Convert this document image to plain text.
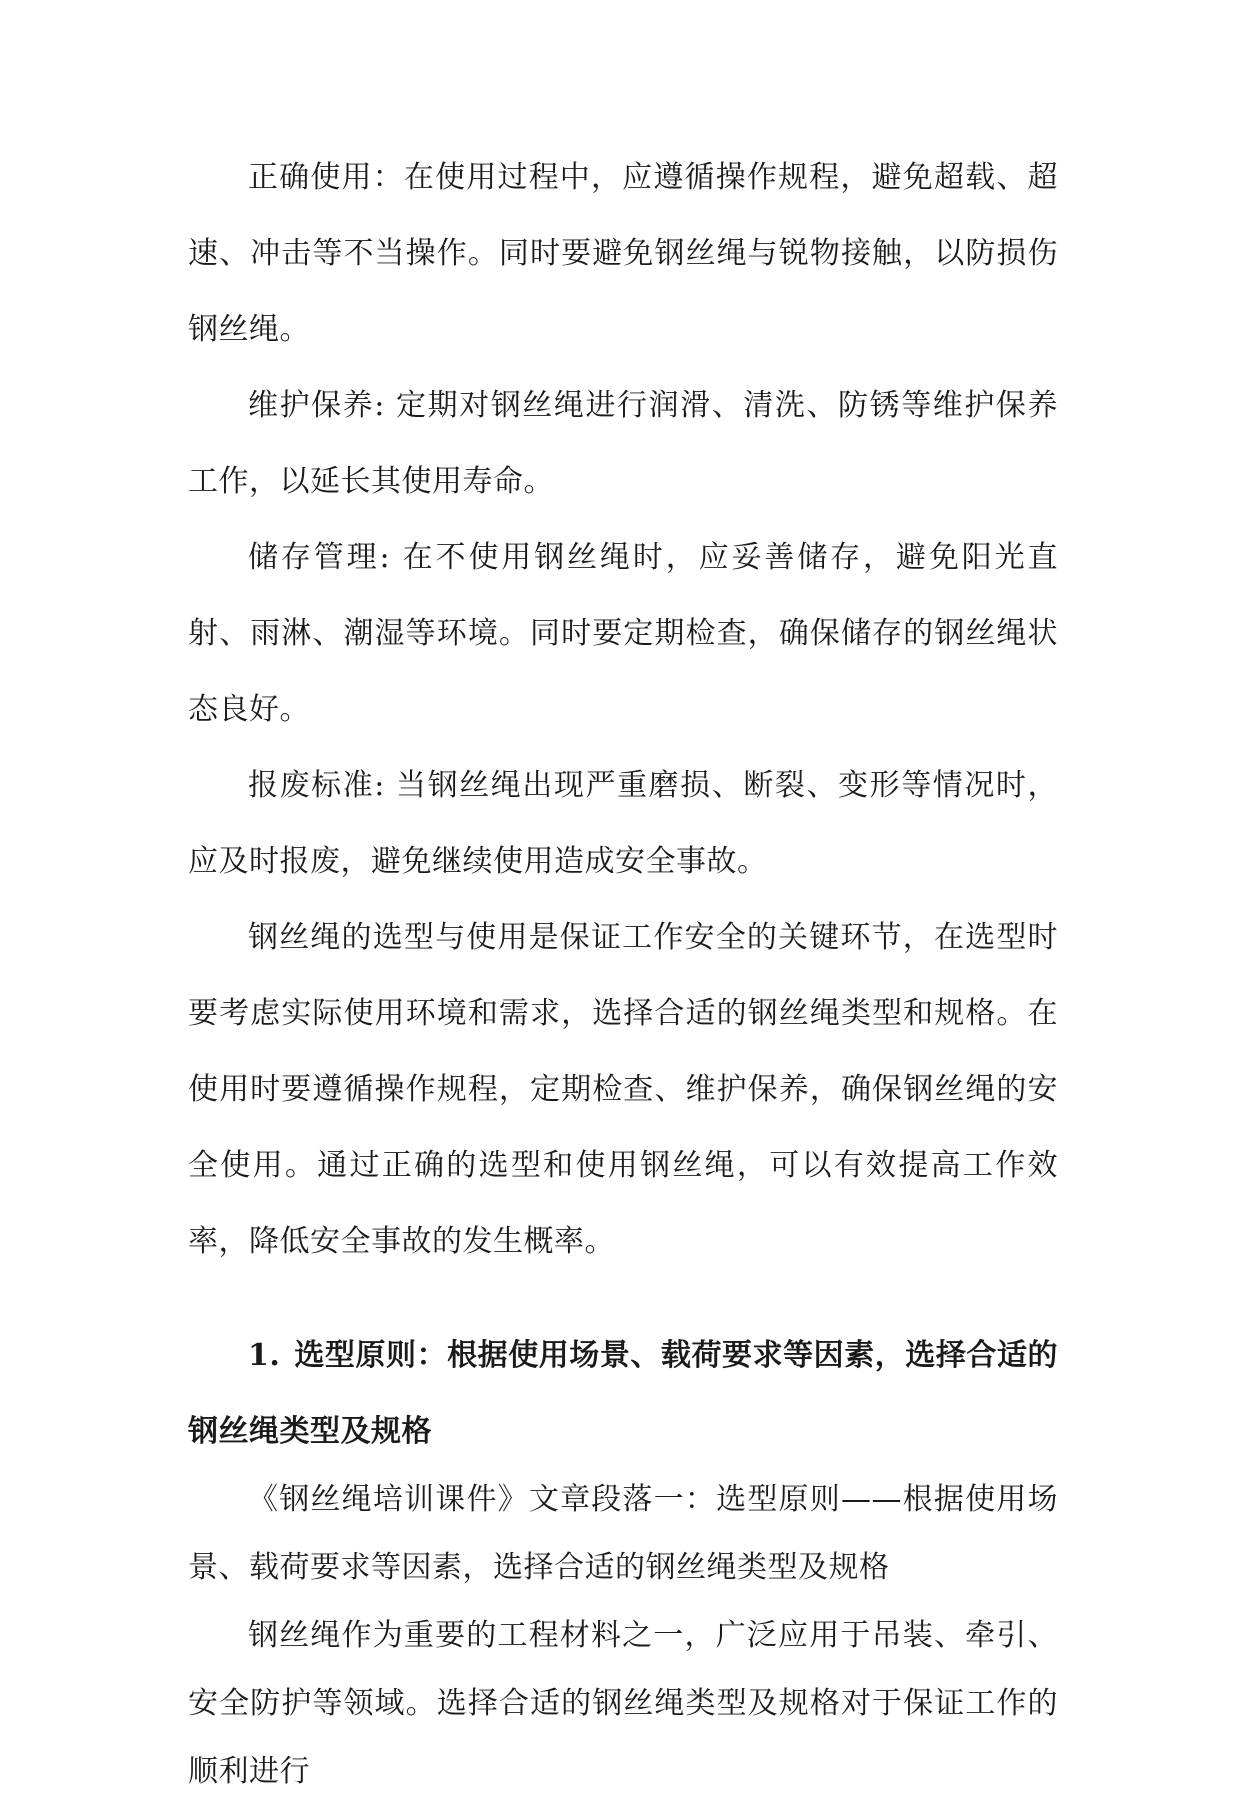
正确使用：在使用过程中，应遵循操作规程，避免超载、超速、冲击等不当操作。同时要避免钢丝绳与锐物接触，以防损伤钢丝绳。

维护保养: 定期对钢丝绳进行润滑、清洗、防锈等维护保养工作，以延长其使用寿命。

储存管理: 在不使用钢丝绳时，应妥善储存，避免阳光直射、雨淋、潮湿等环境。同时要定期检查，确保储存的钢丝绳状态良好。

报废标准: 当钢丝绳出现严重磨损、断裂、变形等情况时，应及时报废，避免继续使用造成安全事故。

钢丝绳的选型与使用是保证工作安全的关键环节，在选型时要考虑实际使用环境和需求，选择合适的钢丝绳类型和规格。在使用时要遵循操作规程，定期检查、维护保养，确保钢丝绳的安全使用。通过正确的选型和使用钢丝绳，可以有效提高工作效率，降低安全事故的发生概率。

1. 选型原则：根据使用场景、载荷要求等因素，选择合适的钢丝绳类型及规格

《钢丝绳培训课件》文章段落一：选型原则——根据使用场景、载荷要求等因素，选择合适的钢丝绳类型及规格

钢丝绳作为重要的工程材料之一，广泛应用于吊装、牵引、安全防护等领域。选择合适的钢丝绳类型及规格对于保证工作的顺利进行
